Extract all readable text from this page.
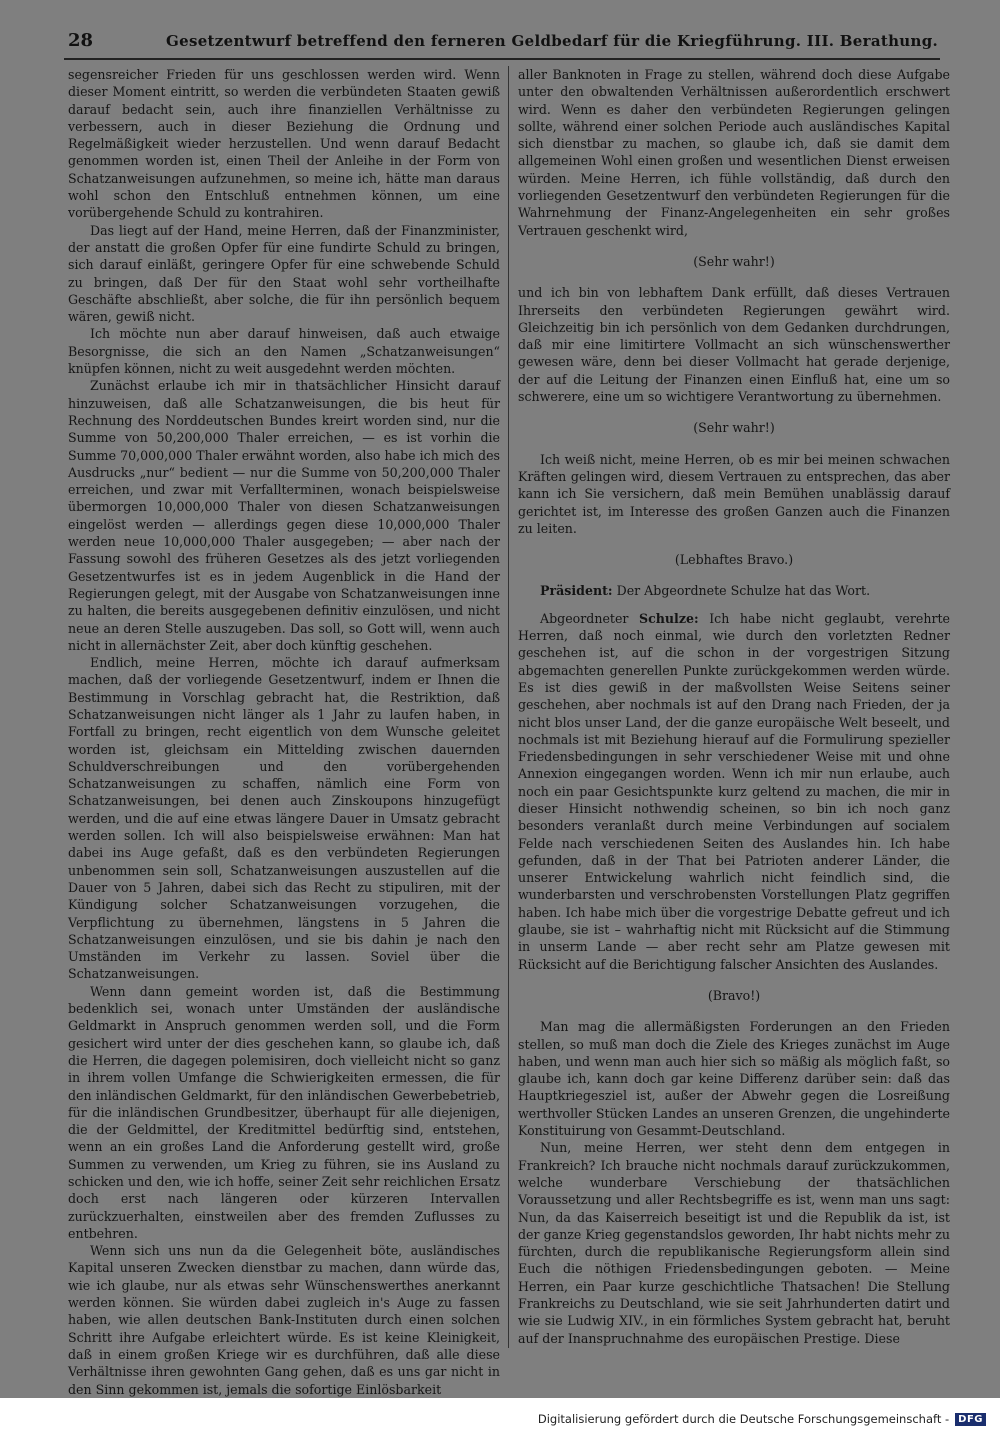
28	Gesetzentwurf betreffend den ferneren Geldbedarf für die Kriegführung. III. Berathung.

segensreicher Frieden für uns geschlossen werden wird. Wenn dieser Moment eintritt, so werden die verbündeten Staaten gewiß darauf bedacht sein, auch ihre finanziellen Verhältnisse zu verbessern, auch in dieser Beziehung die Ordnung und Regelmäßigkeit wieder herzustellen. Und wenn darauf Bedacht genommen worden ist, einen Theil der Anleihe in der Form von Schatzanweisungen aufzunehmen, so meine ich, hätte man daraus wohl schon den Entschluß entnehmen können, um eine vorübergehende Schuld zu kontrahiren.

Das liegt auf der Hand, meine Herren, daß der Finanzminister, der anstatt die großen Opfer für eine fundirte Schuld zu bringen, sich darauf einläßt, geringere Opfer für eine schwebende Schuld zu bringen, daß Der für den Staat wohl sehr vortheilhafte Geschäfte abschließt, aber solche, die für ihn persönlich bequem wären, gewiß nicht.

Ich möchte nun aber darauf hinweisen, daß auch etwaige Besorgnisse, die sich an den Namen „Schatzanweisungen“ knüpfen können, nicht zu weit ausgedehnt werden möchten.

Zunächst erlaube ich mir in thatsächlicher Hinsicht darauf hinzuweisen, daß alle Schatzanweisungen, die bis heut für Rechnung des Norddeutschen Bundes kreirt worden sind, nur die Summe von 50,200,000 Thaler erreichen, — es ist vorhin die Summe 70,000,000 Thaler erwähnt worden, also habe ich mich des Ausdrucks „nur“ bedient — nur die Summe von 50,200,000 Thaler erreichen, und zwar mit Verfallterminen, wonach beispielsweise übermorgen 10,000,000 Thaler von diesen Schatzanweisungen eingelöst werden — allerdings gegen diese 10,000,000 Thaler werden neue 10,000,000 Thaler ausgegeben; — aber nach der Fassung sowohl des früheren Gesetzes als des jetzt vorliegenden Gesetzentwurfes ist es in jedem Augenblick in die Hand der Regierungen gelegt, mit der Ausgabe von Schatzanweisungen inne zu halten, die bereits ausgegebenen definitiv einzulösen, und nicht neue an deren Stelle auszugeben. Das soll, so Gott will, wenn auch nicht in allernächster Zeit, aber doch künftig geschehen.

Endlich, meine Herren, möchte ich darauf aufmerksam machen, daß der vorliegende Gesetzentwurf, indem er Ihnen die Bestimmung in Vorschlag gebracht hat, die Restriktion, daß Schatzanweisungen nicht länger als 1 Jahr zu laufen haben, in Fortfall zu bringen, recht eigentlich von dem Wunsche geleitet worden ist, gleichsam ein Mittelding zwischen dauernden Schuldverschreibungen und den vorübergehenden Schatzanweisungen zu schaffen, nämlich eine Form von Schatzanweisungen, bei denen auch Zinskoupons hinzugefügt werden, und die auf eine etwas längere Dauer in Umsatz gebracht werden sollen. Ich will also beispielsweise erwähnen: Man hat dabei ins Auge gefaßt, daß es den verbündeten Regierungen unbenommen sein soll, Schatzanweisungen auszustellen auf die Dauer von 5 Jahren, dabei sich das Recht zu stipuliren, mit der Kündigung solcher Schatzanweisungen vorzugehen, die Verpflichtung zu übernehmen, längstens in 5 Jahren die Schatzanweisungen einzulösen, und sie bis dahin je nach den Umständen im Verkehr zu lassen. Soviel über die Schatzanweisungen.

Wenn dann gemeint worden ist, daß die Bestimmung bedenklich sei, wonach unter Umständen der ausländische Geldmarkt in Anspruch genommen werden soll, und die Form gesichert wird unter der dies geschehen kann, so glaube ich, daß die Herren, die dagegen polemisiren, doch vielleicht nicht so ganz in ihrem vollen Umfange die Schwierigkeiten ermessen, die für den inländischen Geldmarkt, für den inländischen Gewerbebetrieb, für die inländischen Grundbesitzer, überhaupt für alle diejenigen, die der Geldmittel, der Kreditmittel bedürftig sind, entstehen, wenn an ein großes Land die Anforderung gestellt wird, große Summen zu verwenden, um Krieg zu führen, sie ins Ausland zu schicken und den, wie ich hoffe, seiner Zeit sehr reichlichen Ersatz doch erst nach längeren oder kürzeren Intervallen zurückzuerhalten, einstweilen aber des fremden Zuflusses zu entbehren.

Wenn sich uns nun da die Gelegenheit böte, ausländisches Kapital unseren Zwecken dienstbar zu machen, dann würde das, wie ich glaube, nur als etwas sehr Wünschenswerthes anerkannt werden können. Sie würden dabei zugleich in's Auge zu fassen haben, wie allen deutschen Bank-Instituten durch einen solchen Schritt ihre Aufgabe erleichtert würde. Es ist keine Kleinigkeit, daß in einem großen Kriege wir es durchführen, daß alle diese Verhältnisse ihren gewohnten Gang gehen, daß es uns gar nicht in den Sinn gekommen ist, jemals die sofortige Einlösbarkeit

aller Banknoten in Frage zu stellen, während doch diese Aufgabe unter den obwaltenden Verhältnissen außerordentlich erschwert wird. Wenn es daher den verbündeten Regierungen gelingen sollte, während einer solchen Periode auch ausländisches Kapital sich dienstbar zu machen, so glaube ich, daß sie damit dem allgemeinen Wohl einen großen und wesentlichen Dienst erweisen würden. Meine Herren, ich fühle vollständig, daß durch den vorliegenden Gesetzentwurf den verbündeten Regierungen für die Wahrnehmung der Finanz-Angelegenheiten ein sehr großes Vertrauen geschenkt wird,

(Sehr wahr!)

und ich bin von lebhaftem Dank erfüllt, daß dieses Vertrauen Ihrerseits den verbündeten Regierungen gewährt wird. Gleichzeitig bin ich persönlich von dem Gedanken durchdrungen, daß mir eine limitirtere Vollmacht an sich wünschenswerther gewesen wäre, denn bei dieser Vollmacht hat gerade derjenige, der auf die Leitung der Finanzen einen Einfluß hat, eine um so schwerere, eine um so wichtigere Verantwortung zu übernehmen.

(Sehr wahr!)

Ich weiß nicht, meine Herren, ob es mir bei meinen schwachen Kräften gelingen wird, diesem Vertrauen zu entsprechen, das aber kann ich Sie versichern, daß mein Bemühen unablässig darauf gerichtet ist, im Interesse des großen Ganzen auch die Finanzen zu leiten.

(Lebhaftes Bravo.)

Präsident: Der Abgeordnete Schulze hat das Wort.

Abgeordneter Schulze: Ich habe nicht geglaubt, verehrte Herren, daß noch einmal, wie durch den vorletzten Redner geschehen ist, auf die schon in der vorgestrigen Sitzung abgemachten generellen Punkte zurückgekommen werden würde. Es ist dies gewiß in der maßvollsten Weise Seitens seiner geschehen, aber nochmals ist auf den Drang nach Frieden, der ja nicht blos unser Land, der die ganze europäische Welt beseelt, und nochmals ist mit Beziehung hierauf auf die Formulirung spezieller Friedensbedingungen in sehr verschiedener Weise mit und ohne Annexion eingegangen worden. Wenn ich mir nun erlaube, auch noch ein paar Gesichtspunkte kurz geltend zu machen, die mir in dieser Hinsicht nothwendig scheinen, so bin ich noch ganz besonders veranlaßt durch meine Verbindungen auf socialem Felde nach verschiedenen Seiten des Auslandes hin. Ich habe gefunden, daß in der That bei Patrioten anderer Länder, die unserer Entwickelung wahrlich nicht feindlich sind, die wunderbarsten und verschrobensten Vorstellungen Platz gegriffen haben. Ich habe mich über die vorgestrige Debatte gefreut und ich glaube, sie ist – wahrhaftig nicht mit Rücksicht auf die Stimmung in unserm Lande — aber recht sehr am Platze gewesen mit Rücksicht auf die Berichtigung falscher Ansichten des Auslandes.

(Bravo!)

Man mag die allermäßigsten Forderungen an den Frieden stellen, so muß man doch die Ziele des Krieges zunächst im Auge haben, und wenn man auch hier sich so mäßig als möglich faßt, so glaube ich, kann doch gar keine Differenz darüber sein: daß das Hauptkriegesziel ist, außer der Abwehr gegen die Losreißung werthvoller Stücken Landes an unseren Grenzen, die ungehinderte Konstituirung von Gesammt-Deutschland.

Nun, meine Herren, wer steht denn dem entgegen in Frankreich? Ich brauche nicht nochmals darauf zurückzukommen, welche wunderbare Verschiebung der thatsächlichen Voraussetzung und aller Rechtsbegriffe es ist, wenn man uns sagt: Nun, da das Kaiserreich beseitigt ist und die Republik da ist, ist der ganze Krieg gegenstandslos geworden, Ihr habt nichts mehr zu fürchten, durch die republikanische Regierungsform allein sind Euch die nöthigen Friedensbedingungen geboten. — Meine Herren, ein Paar kurze geschichtliche Thatsachen! Die Stellung Frankreichs zu Deutschland, wie sie seit Jahrhunderten datirt und wie sie Ludwig XIV., in ein förmliches System gebracht hat, beruht auf der Inanspruchnahme des europäischen Prestige. Diese

Digitalisierung gefördert durch die Deutsche Forschungsgemeinschaft - DFG
